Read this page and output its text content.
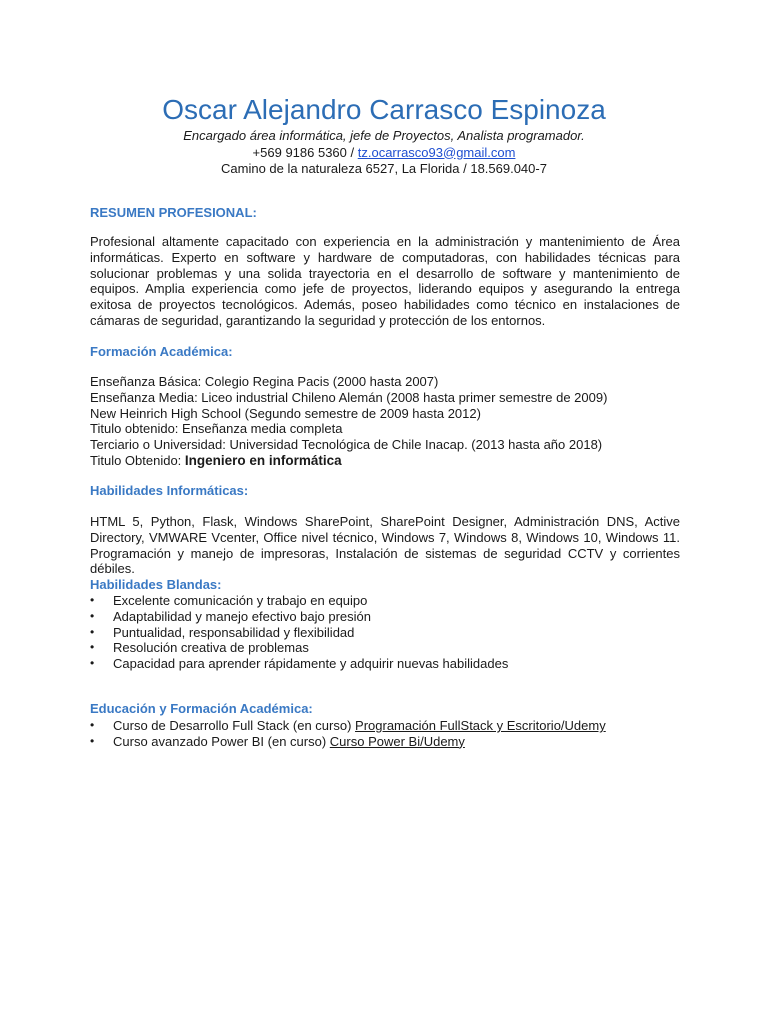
Oscar Alejandro Carrasco Espinoza
Encargado área informática, jefe de Proyectos, Analista programador.
+569 9186 5360 / tz.ocarrasco93@gmail.com
Camino de la naturaleza 6527, La Florida / 18.569.040-7
RESUMEN PROFESIONAL:
Profesional altamente capacitado con experiencia en la administración y mantenimiento de Área informáticas. Experto en software y hardware de computadoras, con habilidades técnicas para solucionar problemas y una solida trayectoria en el desarrollo de software y mantenimiento de equipos. Amplia experiencia como jefe de proyectos, liderando equipos y asegurando la entrega exitosa de proyectos tecnológicos. Además, poseo habilidades como técnico en instalaciones de cámaras de seguridad, garantizando la seguridad y protección de los entornos.
Formación Académica:
Enseñanza Básica: Colegio Regina Pacis (2000 hasta 2007)
Enseñanza Media: Liceo industrial Chileno Alemán (2008 hasta primer semestre de 2009)
New Heinrich High School (Segundo semestre de 2009 hasta 2012)
Titulo obtenido: Enseñanza media completa
Terciario o Universidad: Universidad Tecnológica de Chile Inacap. (2013 hasta año 2018)
Titulo Obtenido: Ingeniero en informática
Habilidades Informáticas:
HTML 5, Python, Flask, Windows SharePoint, SharePoint Designer, Administración DNS, Active Directory, VMWARE Vcenter, Office nivel técnico, Windows 7, Windows 8, Windows 10, Windows 11. Programación y manejo de impresoras, Instalación de sistemas de seguridad CCTV y corrientes débiles.
Habilidades Blandas:
• Excelente comunicación y trabajo en equipo
• Adaptabilidad y manejo efectivo bajo presión
• Puntualidad, responsabilidad y flexibilidad
• Resolución creativa de problemas
• Capacidad para aprender rápidamente y adquirir nuevas habilidades
Educación y Formación Académica:
• Curso de Desarrollo Full Stack (en curso) Programación FullStack y Escritorio/Udemy
• Curso avanzado Power BI (en curso) Curso Power Bi/Udemy
